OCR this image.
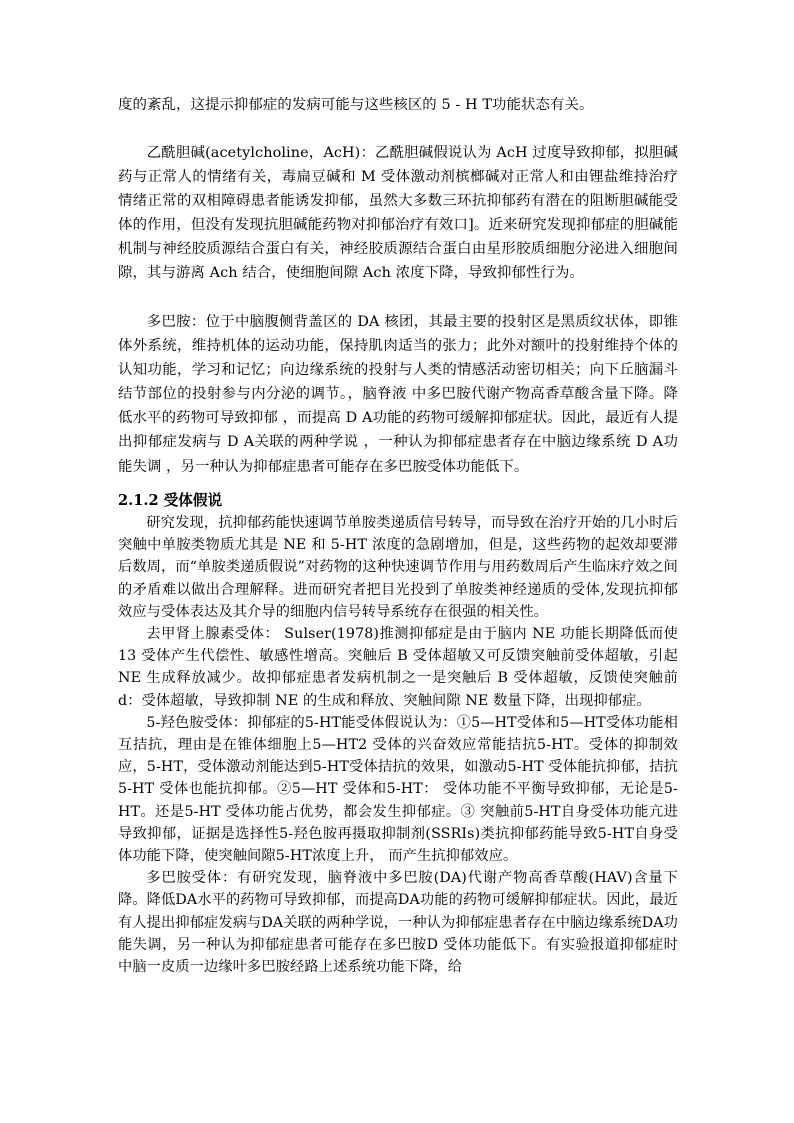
度的紊乱，这提示抑郁症的发病可能与这些核区的 5 - H T功能状态有关。

乙酰胆碱(acetylcholine，AcH)：乙酰胆碱假说认为 AcH 过度导致抑郁，拟胆碱药与正常人的情绪有关，毒扁豆碱和 M 受体激动剂槟榔碱对正常人和由锂盐维持治疗情绪正常的双相障碍患者能诱发抑郁，虽然大多数三环抗抑郁药有潜在的阻断胆碱能受体的作用，但没有发现抗胆碱能药物对抑郁治疗有效口]。近来研究发现抑郁症的胆碱能机制与神经胶质源结合蛋白有关，神经胶质源结合蛋白由星形胶质细胞分泌进入细胞间隙，其与游离 Ach 结合，使细胞间隙 Ach 浓度下降，导致抑郁性行为。

多巴胺：位于中脑腹侧背盖区的 DA 核团，其最主要的投射区是黑质纹状体，即锥体外系统，维持机体的运动功能，保持肌肉适当的张力；此外对额叶的投射维持个体的认知功能，学习和记忆；向边缘系统的投射与人类的情感活动密切相关；向下丘脑漏斗结节部位的投射参与内分泌的调节。，脑脊液 中多巴胺代谢产物高香草酸含量下降。降低水平的药物可导致抑郁 ，而提高 D A功能的药物可缓解抑郁症状。因此，最近有人提出抑郁症发病与 D A关联的两种学说 ，一种认为抑郁症患者存在中脑边缘系统 D A功能失调 ，另一种认为抑郁症患者可能存在多巴胺受体功能低下。

2.1.2 受体假说

研究发现，抗抑郁药能快速调节单胺类递质信号转导，而导致在治疗开始的几小时后突触中单胺类物质尤其是 NE 和 5-HT 浓度的急剧增加，但是，这些药物的起效却要滞后数周，而“单胺类递质假说”对药物的这种快速调节作用与用药数周后产生临床疗效之间的矛盾难以做出合理解释。进而研究者把目光投到了单胺类神经递质的受体,发现抗抑郁效应与受体表达及其介导的细胞内信号转导系统存在很强的相关性。

去甲肾上腺素受体： Sulser(1978)推测抑郁症是由于脑内 NE 功能长期降低而使 13 受体产生代偿性、敏感性增高。突触后 B 受体超敏又可反馈突触前受体超敏，引起 NE 生成释放减少。故抑郁症患者发病机制之一是突触后 B 受体超敏，反馈使突触前 d：受体超敏，导致抑制 NE 的生成和释放、突触间隙 NE 数量下降，出现抑郁症。

5-羟色胺受体：抑郁症的5-HT能受体假说认为：①5—HT受体和5—HT受体功能相互拮抗，理由是在锥体细胞上5—HT2 受体的兴奋效应常能拮抗5-HT。受体的抑制效应，5-HT，受体激动剂能达到5-HT受体拮抗的效果，如激动5-HT 受体能抗抑郁，拮抗5-HT 受体也能抗抑郁。②5—HT 受体和5-HT： 受体功能不平衡导致抑郁，无论是5-HT。还是5-HT 受体功能占优势，都会发生抑郁症。③ 突触前5-HT自身受体功能亢进导致抑郁，证据是选择性5-羟色胺再摄取抑制剂(SSRIs)类抗抑郁药能导致5-HT自身受体功能下降，使突触间隙5-HT浓度上升， 而产生抗抑郁效应。

多巴胺受体：有研究发现，脑脊液中多巴胺(DA)代谢产物高香草酸(HAV)含量下降。降低DA水平的药物可导致抑郁，而提高DA功能的药物可缓解抑郁症状。因此，最近有人提出抑郁症发病与DA关联的两种学说，一种认为抑郁症患者存在中脑边缘系统DA功能失调，另一种认为抑郁症患者可能存在多巴胺D 受体功能低下。有实验报道抑郁症时中脑一皮质一边缘叶多巴胺经路上述系统功能下降，给
